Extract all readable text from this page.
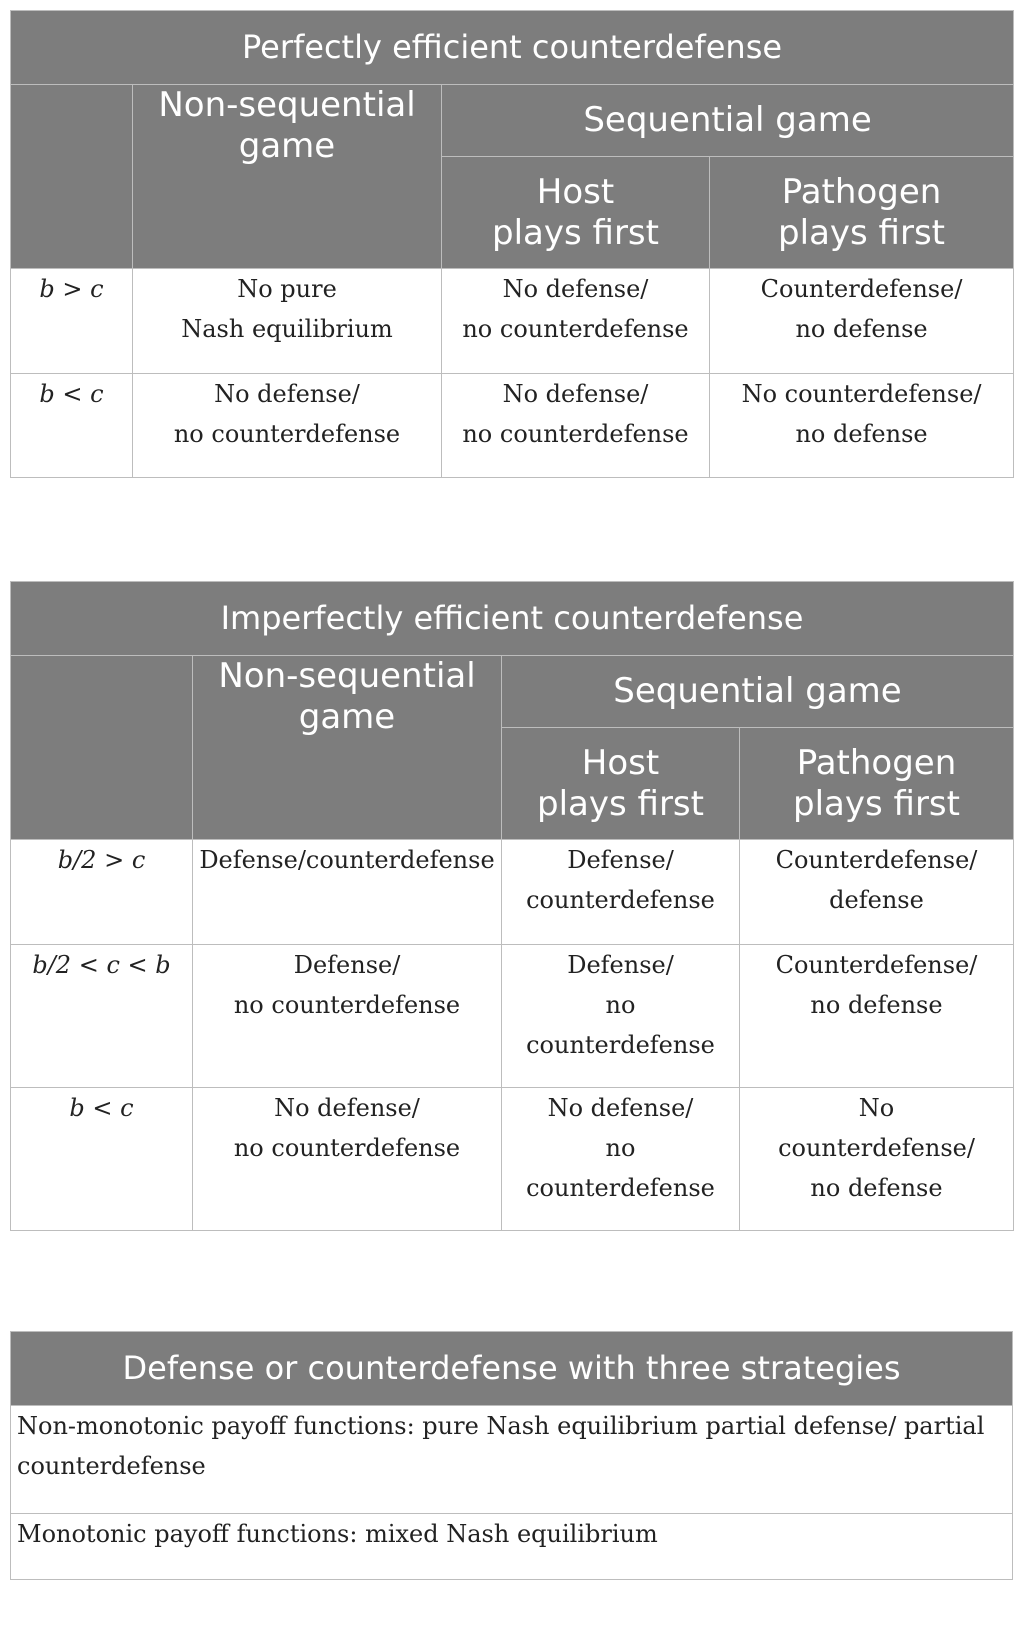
Perfectly efficient counterdefense			
	Non-sequential
game	Sequential game	
		Host
plays first	Pathogen
plays first
b > c	No pure
Nash equilibrium	No defense/
no counterdefense	Counterdefense/
no defense
b < c	No defense/
no counterdefense	No defense/
no counterdefense	No counterdefense/
no defense
Imperfectly efficient counterdefense			
	Non-sequential
game	Sequential game	
		Host
plays first	Pathogen
plays first
b/2 > c	Defense/counterdefense	Defense/
counterdefense	Counterdefense/
defense
b/2 < c < b	Defense/
no counterdefense	Defense/
no
counterdefense	Counterdefense/
no defense
b < c	No defense/
no counterdefense	No defense/
no
counterdefense	No
counterdefense/
no defense
Defense or counterdefense with three strategies
Non-monotonic payoff functions: pure Nash equilibrium partial defense/ partial counterdefense
Monotonic payoff functions: mixed Nash equilibrium
